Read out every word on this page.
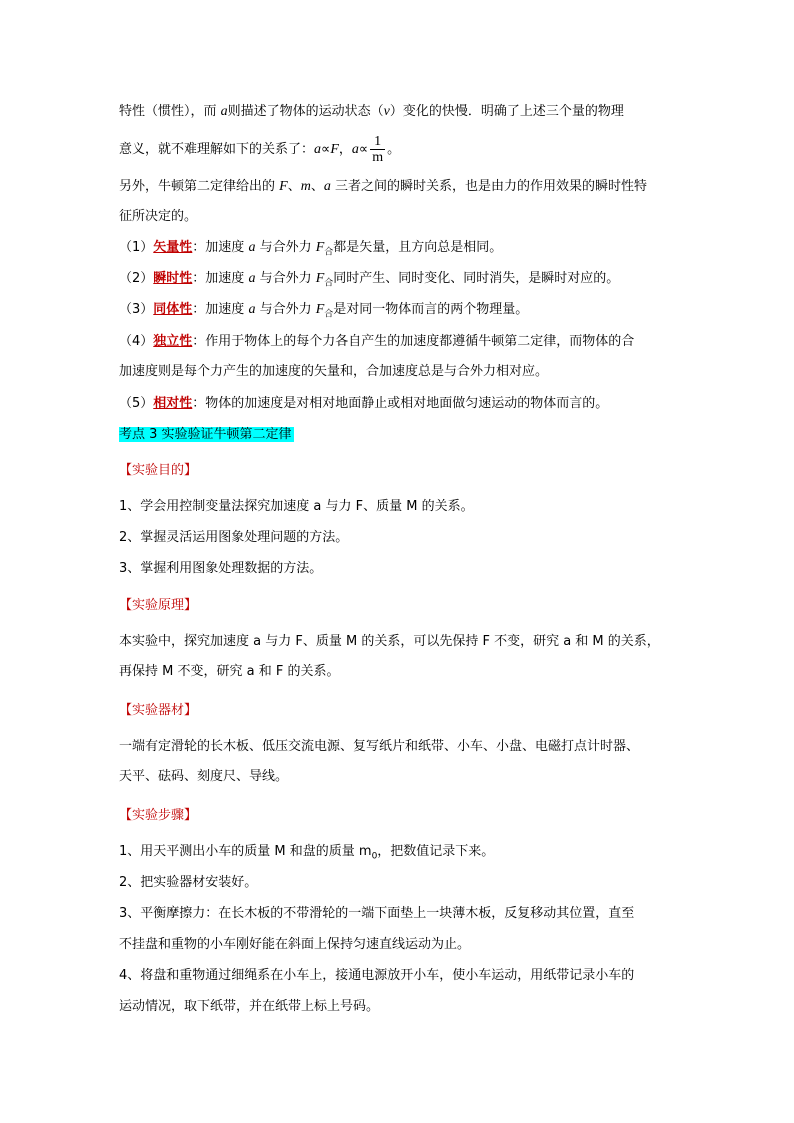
特性（惯性），而 a则描述了物体的运动状态（v）变化的快慢．明确了上述三个量的物理
意义，就不难理解如下的关系了：a∝F，$a\propto \frac{1}{m}$ 。
另外，牛顿第二定律给出的 F、m、a 三者之间的瞬时关系，也是由力的作用效果的瞬时性特
征所决定的。
（1）矢量性：加速度 a 与合外力 $F_合$都是矢量，且方向总是相同。
（2）瞬时性：加速度 a 与合外力 $F_合$同时产生、同时变化、同时消失，是瞬时对应的。
（3）同体性：加速度 a 与合外力 $F_合$是对同一物体而言的两个物理量。
（4）独立性：作用于物体上的每个力各自产生的加速度都遵循牛顿第二定律，而物体的合
加速度则是每个力产生的加速度的矢量和，合加速度总是与合外力相对应。
（5）相对性：物体的加速度是对相对地面静止或相对地面做匀速运动的物体而言的。
考点 3 实验验证牛顿第二定律
【实验目的】
1、学会用控制变量法探究加速度 a 与力 F、质量 M 的关系。
2、掌握灵活运用图象处理问题的方法。
3、掌握利用图象处理数据的方法。
【实验原理】
本实验中，探究加速度 a 与力 F、质量 M 的关系，可以先保持 F 不变，研究 a 和 M 的关系，
再保持 M 不变，研究 a 和 F 的关系。
【实验器材】
一端有定滑轮的长木板、低压交流电源、复写纸片和纸带、小车、小盘、电磁打点计时器、
天平、砝码、刻度尺、导线。
【实验步骤】
1、用天平测出小车的质量 M 和盘的质量 $m_0$，把数值记录下来。
2、把实验器材安装好。
3、平衡摩擦力：在长木板的不带滑轮的一端下面垫上一块薄木板，反复移动其位置，直至
不挂盘和重物的小车刚好能在斜面上保持匀速直线运动为止。
4、将盘和重物通过细绳系在小车上，接通电源放开小车，使小车运动，用纸带记录小车的
运动情况，取下纸带，并在纸带上标上号码。
